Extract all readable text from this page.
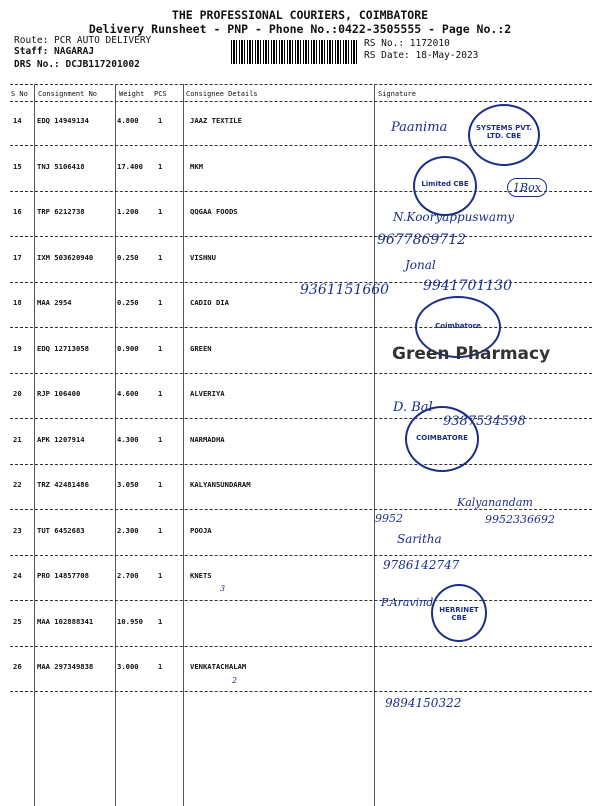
THE PROFESSIONAL COURIERS, COIMBATORE
Delivery Runsheet - PNP - Phone No.:0422-3505555 - Page No.:2
Route: PCR AUTO DELIVERY
Staff: NAGARAJ
DRS No.: DCJB117201002
RS No.: 1172010
RS Date: 18-May-2023
S No Consignment No	Weight PCS	Consignee Details	Signature
14 EDQ 14949134	4.800	1	JAAZ TEXTILE
15 TNJ 5106418	17.400 1	MKM
16 TRP 6212738	1.200	1	QQGAA FOODS
17 IXM 503620940	0.250	1	VISHNU
18 MAA 2954	0.250	1	CADIO DIA
19 EDQ 12713058	0.900	1	GREEN
20 RJP 106400	4.600	1	ALVERIYA
21 APK 1207914	4.300	1	NARMADHA
22 TRZ 42481486	3.050	1	KALYANSUNDARAM
23 TUT 6452683	2.300	1	POOJA
24 PRO 14857708	2.700	1	KNETS
25 MAA 102888341	10.950 1
26 MAA 297349838	3.000	1	VENKATACHALAM
SYSTEMS PVT. LTD. CBE
Paanima
Limited CBE	1Box
N.Kooryappuswamy
9677869712
Jonal
9361151660 9941701130
Coimbatore
Green Pharmacy
D. Bal
9387534598
COIMBATORE
Kalyanandam
9952	9952336692
Saritha
9786142747
P.Aravind
HERRINET CBE
9894150322
3
2
